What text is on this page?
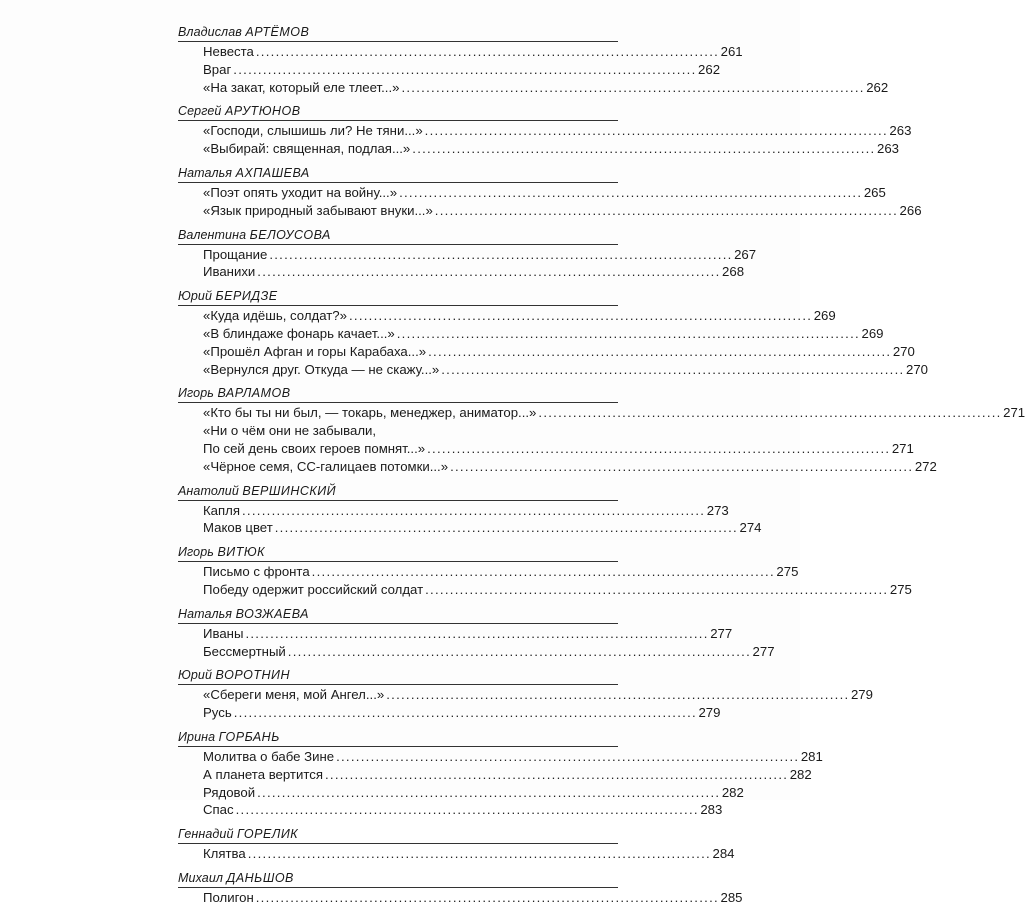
Владислав АРТЁМОВ
Невеста . . .	261
Враг . . .	262
«На закат, который еле тлеет...» . . .	262
Сергей АРУТЮНОВ
«Господи, слышишь ли? Не тяни...» . . .	263
«Выбирай: священная, подлая...» . . .	263
Наталья АХПАШЕВА
«Поэт опять уходит на войну...» . . .	265
«Язык природный забывают внуки...» . . .	266
Валентина БЕЛОУСОВА
Прощание . . .	267
Иванихи . . .	268
Юрий БЕРИДЗЕ
«Куда идёшь, солдат?» . . .	269
«В блиндаже фонарь качает...» . . .	269
«Прошёл Афган и горы Карабаха...» . . .	270
«Вернулся друг. Откуда — не скажу...» . . .	270
Игорь ВАРЛАМОВ
«Кто бы ты ни был, — токарь, менеджер, аниматор...» . . .	271
«Ни о чём они не забывали,
По сей день своих героев помнят...» . . .	271
«Чёрное семя, СС-галицаев потомки...» . . .	272
Анатолий ВЕРШИНСКИЙ
Капля . . .	273
Маков цвет . . .	274
Игорь ВИТЮК
Письмо с фронта . . .	275
Победу одержит российский солдат . . .	275
Наталья ВОЗЖАЕВА
Иваны . . .	277
Бессмертный . . .	277
Юрий ВОРОТНИН
«Сбереги меня, мой Ангел...» . . .	279
Русь . . .	279
Ирина ГОРБАНЬ
Молитва о бабе Зине . . .	281
А планета вертится . . .	282
Рядовой . . .	282
Спас . . .	283
Геннадий ГОРЕЛИК
Клятва . . .	284
Михаил ДАНЬШОВ
Полигон . . .	285
